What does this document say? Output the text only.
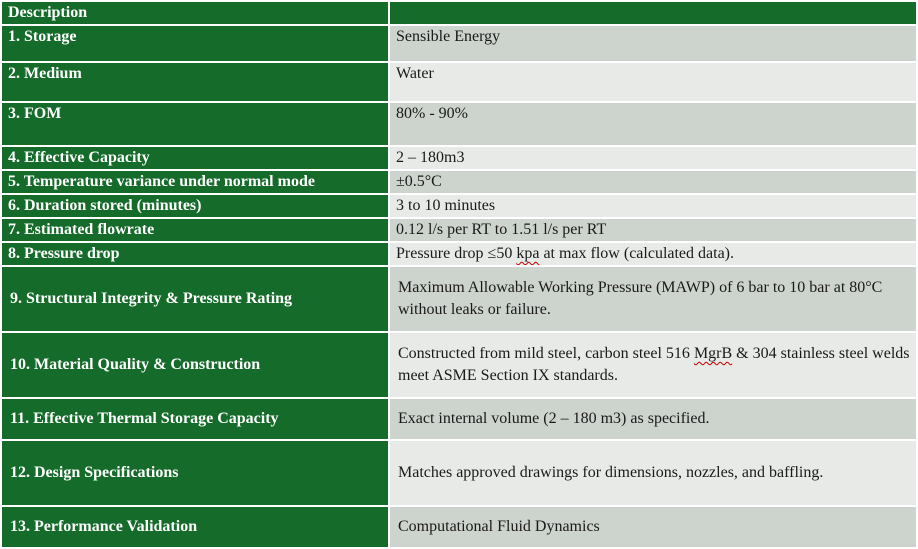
Description	
1. Storage	Sensible Energy
2. Medium	Water
3. FOM	80% - 90%
4. Effective Capacity	2 – 180m3
5. Temperature variance under normal mode	±0.5°C
6. Duration stored (minutes)	3 to 10 minutes
7. Estimated flowrate	0.12 l/s per RT to 1.51 l/s per RT
8. Pressure drop	Pressure drop ≤50 kpa at max flow (calculated data).
9. Structural Integrity & Pressure Rating	Maximum Allowable Working Pressure (MAWP) of 6 bar to 10 bar at 80°C without leaks or failure.
10. Material Quality & Construction	Constructed from mild steel, carbon steel 516 MgrB & 304 stainless steel welds meet ASME Section IX standards.
11. Effective Thermal Storage Capacity	Exact internal volume (2 – 180 m3) as specified.
12. Design Specifications	Matches approved drawings for dimensions, nozzles, and baffling.
13. Performance Validation	Computational Fluid Dynamics
